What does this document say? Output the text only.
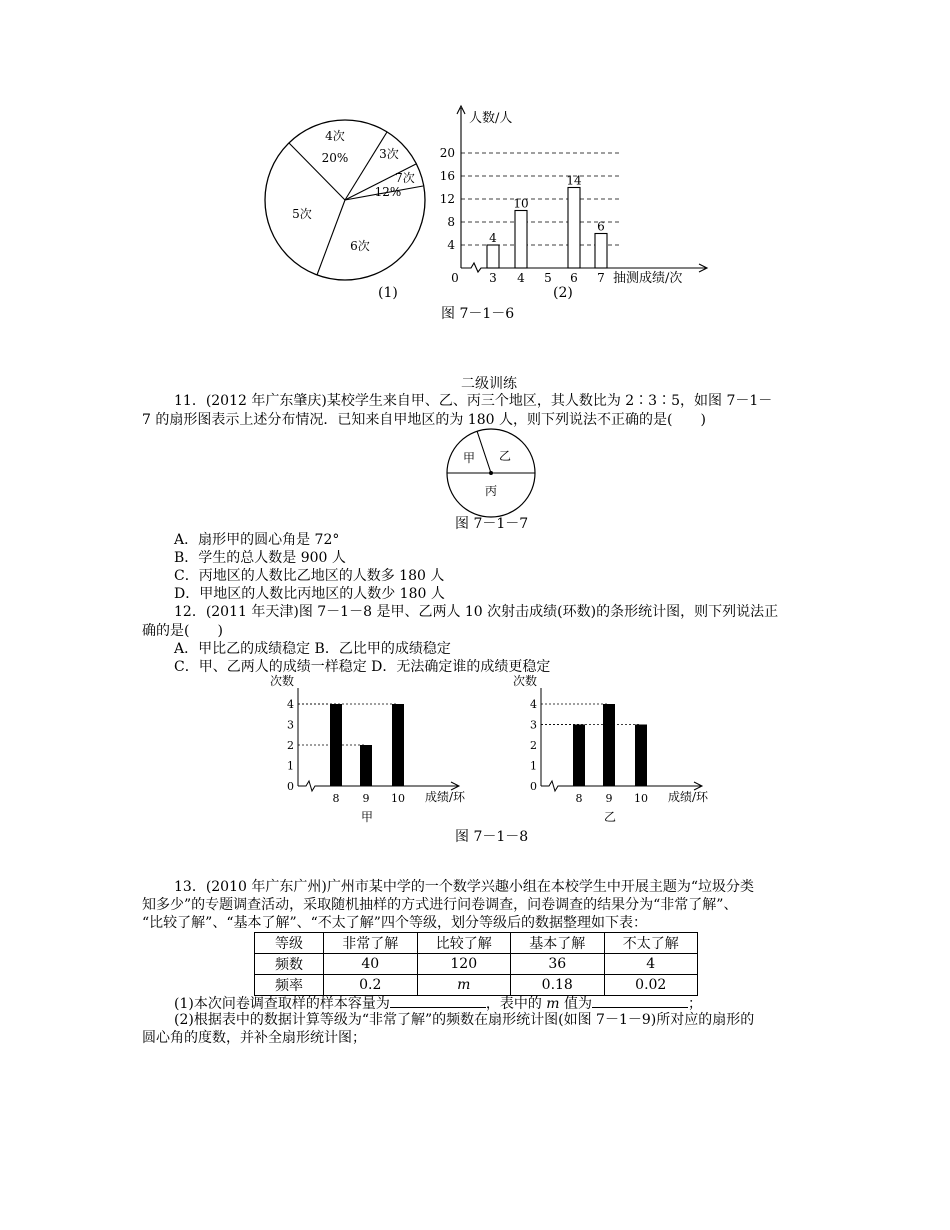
4次
20%	3次
7次
12%
6次
5次
(1)
4
10
14
6
人数/人
抽测成绩/次
0
4
8
12
16
20
3 4 5 6 7
(2)
图 7－1－6
二级训练
11．(2012 年广东肇庆)某校学生来自甲、乙、丙三个地区，其人数比为 2∶3∶5，如图 7－1－
7 的扇形图表示上述分布情况．已知来自甲地区的为 180 人，则下列说法不正确的是(　　)
甲 乙
丙
图 7－1－7
A．扇形甲的圆心角是 72°
B．学生的总人数是 900 人
C．丙地区的人数比乙地区的人数多 180 人
D．甲地区的人数比丙地区的人数少 180 人
12．(2011 年天津)图 7－1－8 是甲、乙两人 10 次射击成绩(环数)的条形统计图，则下列说法正
确的是(　　)
A．甲比乙的成绩稳定 B．乙比甲的成绩稳定
C．甲、乙两人的成绩一样稳定 D．无法确定谁的成绩更稳定
次数
成绩/环
甲
0
1
2
3
4
8 9 10
次数
成绩/环
乙
0
1
2
3
4
8 9 10
图 7－1－8
13．(2010 年广东广州)广州市某中学的一个数学兴趣小组在本校学生中开展主题为“垃圾分类
知多少”的专题调查活动，采取随机抽样的方式进行问卷调查，问卷调查的结果分为“非常了解”、
“比较了解”、“基本了解”、“不太了解”四个等级，划分等级后的数据整理如下表：
等级	非常了解	比较了解	基本了解	不太了解
频数	40	120	36	4
频率	0.2	m	0.18	0.02
(1)本次问卷调查取样的样本容量为	，表中的 m 值为	；
(2)根据表中的数据计算等级为“非常了解”的频数在扇形统计图(如图 7－1－9)所对应的扇形的
圆心角的度数，并补全扇形统计图；
